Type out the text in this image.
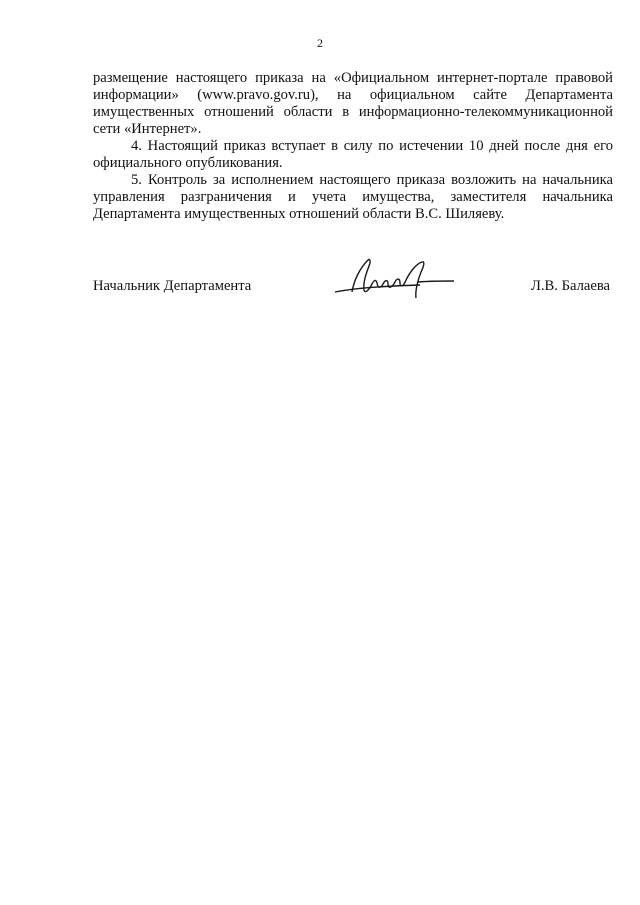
2

размещение настоящего приказа на «Официальном интернет-портале правовой информации» (www.pravo.gov.ru), на официальном сайте Департамента имущественных отношений области в информационно-телекоммуникационной сети «Интернет».

4. Настоящий приказ вступает в силу по истечении 10 дней после дня его официального опубликования.

5. Контроль за исполнением настоящего приказа возложить на начальника управления разграничения и учета имущества, заместителя начальника Департамента имущественных отношений области В.С. Шиляеву.

Начальник Департамента	Л.В. Балаева
